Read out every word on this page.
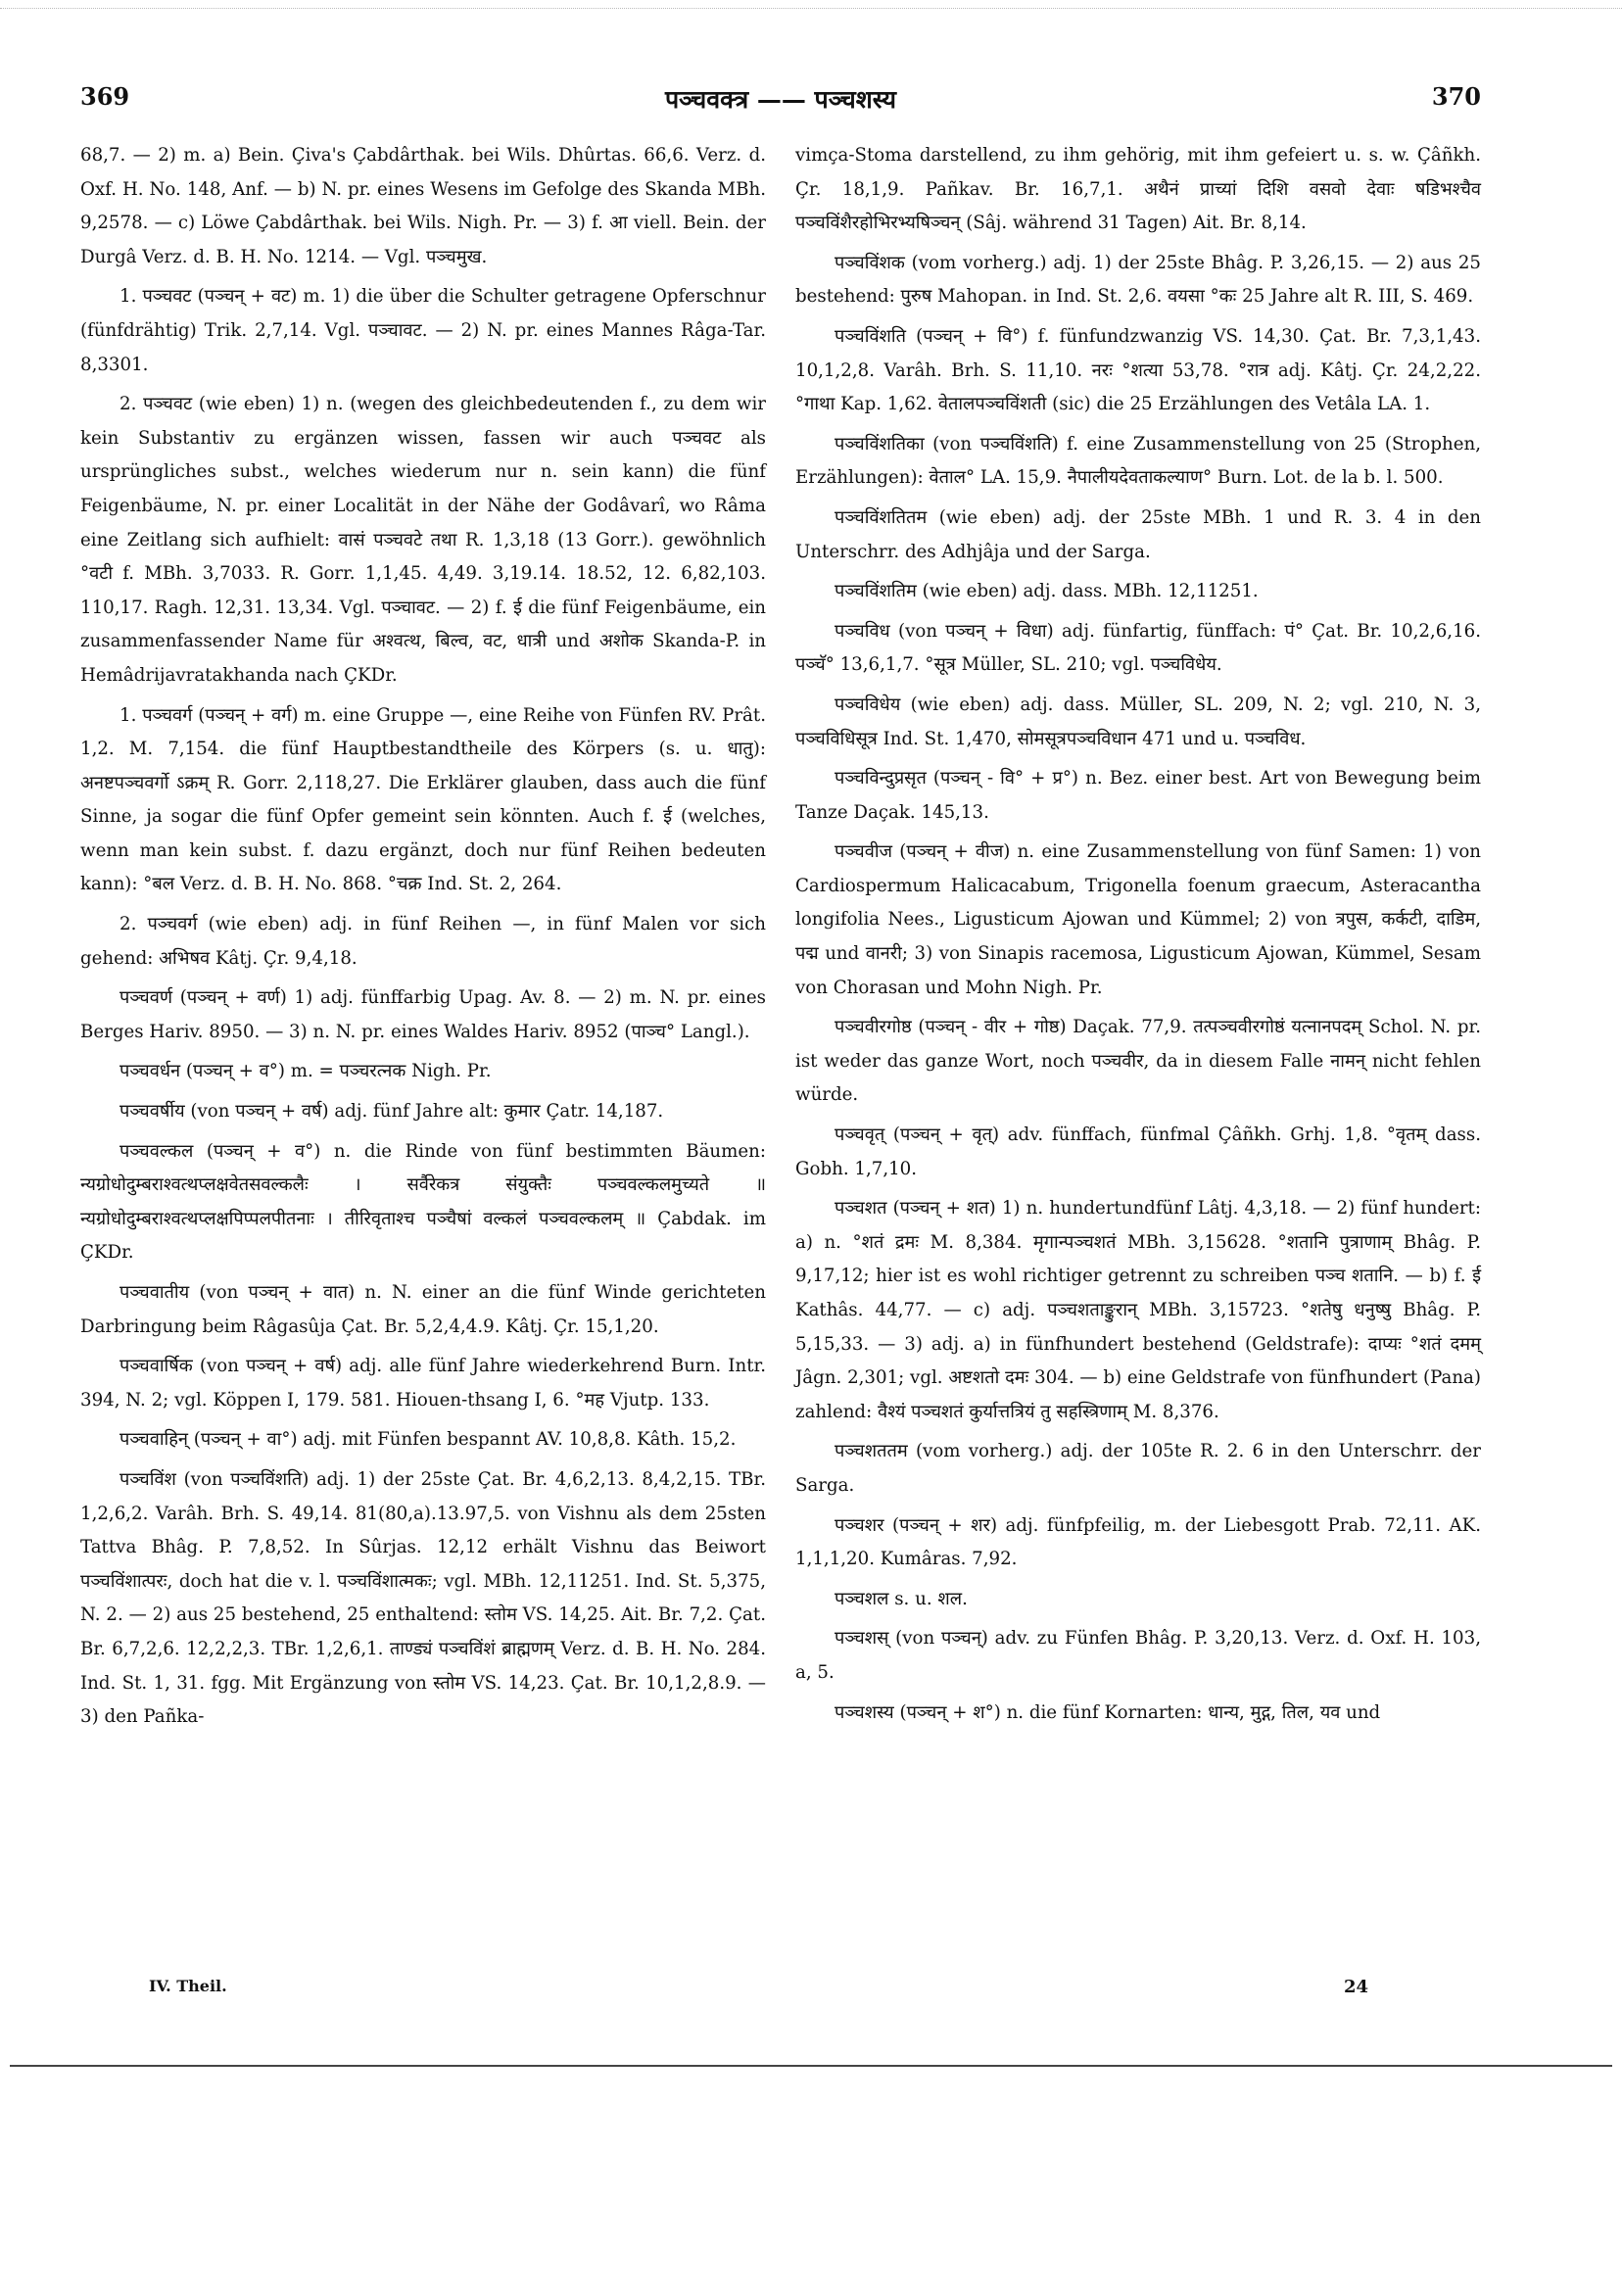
369	पञ्चवक्त्र —— पञ्चशस्य	370

68,7. — 2) m. a) Bein. Çiva's Çabdârthak. bei Wils. Dhûrtas. 66,6. Verz. d. Oxf. H. No. 148, Anf. — b) N. pr. eines Wesens im Gefolge des Skanda MBh. 9,2578. — c) Löwe Çabdârthak. bei Wils. Nigh. Pr. — 3) f. आ viell. Bein. der Durgâ Verz. d. B. H. No. 1214. — Vgl. पञ्चमुख.

1. पञ्चवट (पञ्चन् + वट) m. 1) die über die Schulter getragene Opferschnur (fünfdrähtig) Trik. 2,7,14. Vgl. पञ्चावट. — 2) N. pr. eines Mannes Râga-Tar. 8,3301.

2. पञ्चवट (wie eben) 1) n. (wegen des gleichbedeutenden f., zu dem wir kein Substantiv zu ergänzen wissen, fassen wir auch पञ्चवट als ursprüngliches subst., welches wiederum nur n. sein kann) die fünf Feigenbäume, N. pr. einer Localität in der Nähe der Godâvarî, wo Râma eine Zeitlang sich aufhielt: वासं पञ्चवटे तथा R. 1,3,18 (13 Gorr.). gewöhnlich °वटी f. MBh. 3,7033. R. Gorr. 1,1,45. 4,49. 3,19.14. 18.52, 12. 6,82,103. 110,17. Ragh. 12,31. 13,34. Vgl. पञ्चावट. — 2) f. ई die fünf Feigenbäume, ein zusammenfassender Name für अश्वत्थ, बिल्व, वट, धात्री und अशोक Skanda-P. in Hemâdrijavratakhanda nach ÇKDr.

1. पञ्चवर्ग (पञ्चन् + वर्ग) m. eine Gruppe —, eine Reihe von Fünfen RV. Prât. 1,2. M. 7,154. die fünf Hauptbestandtheile des Körpers (s. u. धातु): अनष्टपञ्चवर्गो ऽक्रम् R. Gorr. 2,118,27. Die Erklärer glauben, dass auch die fünf Sinne, ja sogar die fünf Opfer gemeint sein könnten. Auch f. ई (welches, wenn man kein subst. f. dazu ergänzt, doch nur fünf Reihen bedeuten kann): °बल Verz. d. B. H. No. 868. °चक्र Ind. St. 2, 264.

2. पञ्चवर्ग (wie eben) adj. in fünf Reihen —, in fünf Malen vor sich gehend: अभिषव Kâtj. Çr. 9,4,18.

पञ्चवर्ण (पञ्चन् + वर्ण) 1) adj. fünffarbig Upag. Av. 8. — 2) m. N. pr. eines Berges Hariv. 8950. — 3) n. N. pr. eines Waldes Hariv. 8952 (पाञ्च° Langl.).

पञ्चवर्धन (पञ्चन् + व°) m. = पञ्चरत्नक Nigh. Pr.

पञ्चवर्षीय (von पञ्चन् + वर्ष) adj. fünf Jahre alt: कुमार Çatr. 14,187.

पञ्चवल्कल (पञ्चन् + व°) n. die Rinde von fünf bestimmten Bäumen: न्यग्रोधोदुम्बराश्वत्थप्लक्षवेतसवल्कलैः । सर्वैरेकत्र संयुक्तैः पञ्चवल्कलमुच्यते ॥ न्यग्रोधोदुम्बराश्वत्थप्लक्षपिप्पलपीतनाः । तीरिवृताश्च पञ्चैषां वल्कलं पञ्चवल्कलम् ॥ Çabdak. im ÇKDr.

पञ्चवातीय (von पञ्चन् + वात) n. N. einer an die fünf Winde gerichteten Darbringung beim Râgasûja Çat. Br. 5,2,4,4.9. Kâtj. Çr. 15,1,20.

पञ्चवार्षिक (von पञ्चन् + वर्ष) adj. alle fünf Jahre wiederkehrend Burn. Intr. 394, N. 2; vgl. Köppen I, 179. 581. Hiouen-thsang I, 6. °मह Vjutp. 133.

पञ्चवाहिन् (पञ्चन् + वा°) adj. mit Fünfen bespannt AV. 10,8,8. Kâth. 15,2.

पञ्चविंश (von पञ्चविंशति) adj. 1) der 25ste Çat. Br. 4,6,2,13. 8,4,2,15. TBr. 1,2,6,2. Varâh. Brh. S. 49,14. 81(80,a).13.97,5. von Vishnu als dem 25sten Tattva Bhâg. P. 7,8,52. In Sûrjas. 12,12 erhält Vishnu das Beiwort पञ्चविंशात्परः, doch hat die v. l. पञ्चविंशात्मकः; vgl. MBh. 12,11251. Ind. St. 5,375, N. 2. — 2) aus 25 bestehend, 25 enthaltend: स्तोम VS. 14,25. Ait. Br. 7,2. Çat. Br. 6,7,2,6. 12,2,2,3. TBr. 1,2,6,1. ताण्ड्यं पञ्चविंशं ब्राह्मणम् Verz. d. B. H. No. 284. Ind. St. 1, 31. fgg. Mit Ergänzung von स्तोम VS. 14,23. Çat. Br. 10,1,2,8.9. — 3) den Pañka-

vimça-Stoma darstellend, zu ihm gehörig, mit ihm gefeiert u. s. w. Çâñkh. Çr. 18,1,9. Pañkav. Br. 16,7,1. अथैनं प्राच्यां दिशि वसवो देवाः षडिभश्चैव पञ्चविंशैरहोभिरभ्यषिञ्चन् (Sâj. während 31 Tagen) Ait. Br. 8,14.

पञ्चविंशक (vom vorherg.) adj. 1) der 25ste Bhâg. P. 3,26,15. — 2) aus 25 bestehend: पुरुष Mahopan. in Ind. St. 2,6. वयसा °कः 25 Jahre alt R. III, S. 469.

पञ्चविंशति (पञ्चन् + वि°) f. fünfundzwanzig VS. 14,30. Çat. Br. 7,3,1,43. 10,1,2,8. Varâh. Brh. S. 11,10. नरः °शत्या 53,78. °रात्र adj. Kâtj. Çr. 24,2,22. °गाथा Kap. 1,62. वेतालपञ्चविंशती (sic) die 25 Erzählungen des Vetâla LA. 1.

पञ्चविंशतिका (von पञ्चविंशति) f. eine Zusammenstellung von 25 (Strophen, Erzählungen): वेताल° LA. 15,9. नैपालीयदेवताकल्याण° Burn. Lot. de la b. l. 500.

पञ्चविंशतितम (wie eben) adj. der 25ste MBh. 1 und R. 3. 4 in den Unterschrr. des Adhjâja und der Sarga.

पञ्चविंशतिम (wie eben) adj. dass. MBh. 12,11251.

पञ्चविध (von पञ्चन् + विधा) adj. fünfartig, fünffach: पं° Çat. Br. 10,2,6,16. पञ्चॅ° 13,6,1,7. °सूत्र Müller, SL. 210; vgl. पञ्चविधेय.

पञ्चविधेय (wie eben) adj. dass. Müller, SL. 209, N. 2; vgl. 210, N. 3, पञ्चविधिसूत्र Ind. St. 1,470, सोमसूत्रपञ्चविधान 471 und u. पञ्चविध.

पञ्चविन्दुप्रसृत (पञ्चन् - वि° + प्र°) n. Bez. einer best. Art von Bewegung beim Tanze Daçak. 145,13.

पञ्चवीज (पञ्चन् + वीज) n. eine Zusammenstellung von fünf Samen: 1) von Cardiospermum Halicacabum, Trigonella foenum graecum, Asteracantha longifolia Nees., Ligusticum Ajowan und Kümmel; 2) von त्रपुस, कर्कटी, दाडिम, पद्म und वानरी; 3) von Sinapis racemosa, Ligusticum Ajowan, Kümmel, Sesam von Chorasan und Mohn Nigh. Pr.

पञ्चवीरगोष्ठ (पञ्चन् - वीर + गोष्ठ) Daçak. 77,9. तत्पञ्चवीरगोष्ठं यत्नानपदम् Schol. N. pr. ist weder das ganze Wort, noch पञ्चवीर, da in diesem Falle नामन् nicht fehlen würde.

पञ्चवृत् (पञ्चन् + वृत्) adv. fünffach, fünfmal Çâñkh. Grhj. 1,8. °वृतम् dass. Gobh. 1,7,10.

पञ्चशत (पञ्चन् + शत) 1) n. hundertundfünf Lâtj. 4,3,18. — 2) fünf hundert: a) n. °शतं द्रमः M. 8,384. मृगान्पञ्चशतं MBh. 3,15628. °शतानि पुत्राणाम् Bhâg. P. 9,17,12; hier ist es wohl richtiger getrennt zu schreiben पञ्च शतानि. — b) f. ई Kathâs. 44,77. — c) adj. पञ्चशताङ्कुरान् MBh. 3,15723. °शतेषु धनुष्षु Bhâg. P. 5,15,33. — 3) adj. a) in fünfhundert bestehend (Geldstrafe): दाप्यः °शतं दमम् Jâgn. 2,301; vgl. अष्टशतो दमः 304. — b) eine Geldstrafe von fünfhundert (Pana) zahlend: वैश्यं पञ्चशतं कुर्यात्तत्रियं तु सहस्त्रिणाम् M. 8,376.

पञ्चशततम (vom vorherg.) adj. der 105te R. 2. 6 in den Unterschrr. der Sarga.

पञ्चशर (पञ्चन् + शर) adj. fünfpfeilig, m. der Liebesgott Prab. 72,11. AK. 1,1,1,20. Kumâras. 7,92.

पञ्चशल s. u. शल.

पञ्चशस् (von पञ्चन्) adv. zu Fünfen Bhâg. P. 3,20,13. Verz. d. Oxf. H. 103, a, 5.

पञ्चशस्य (पञ्चन् + श°) n. die fünf Kornarten: धान्य, मुद्ग, तिल, यव und

IV. Theil.	24
